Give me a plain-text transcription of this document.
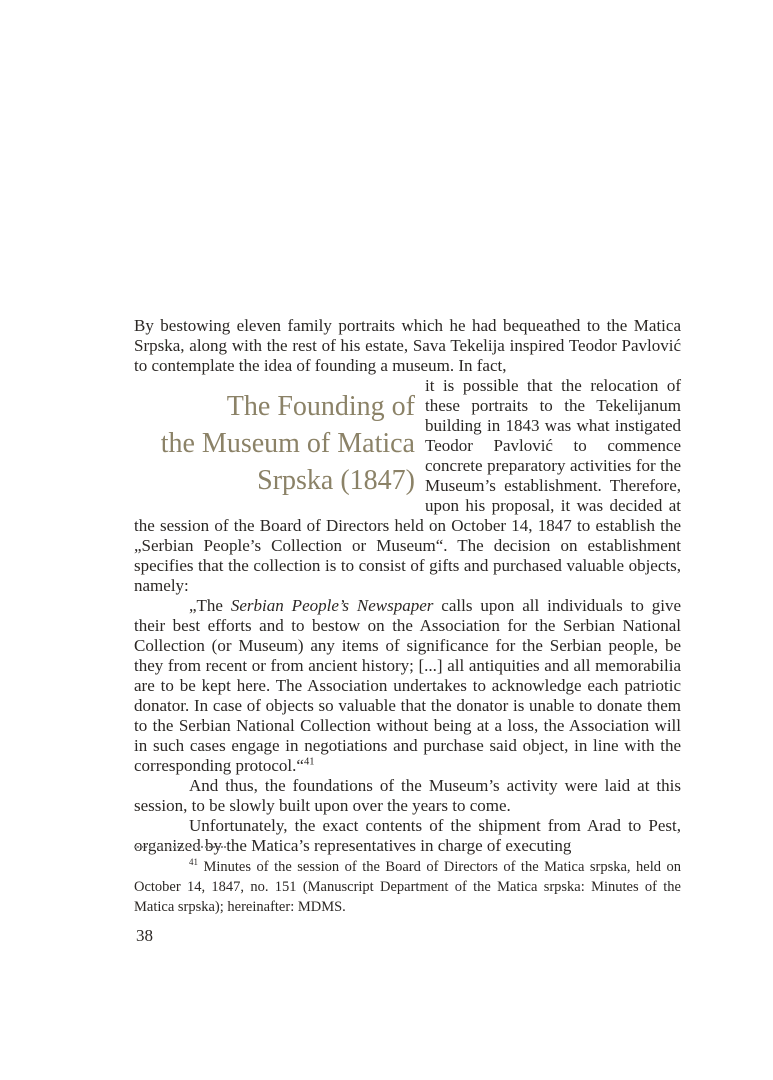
By bestowing eleven family portraits which he had bequeathed to the Matica Srpska, along with the rest of his estate, Sava Tekelija inspired Teodor Pavlović to contemplate the idea of founding a museum. In fact,

The Founding of
the Museum of Matica
Srpska (1847)

it is possible that the relocation of these portraits to the Tekelijanum building in 1843 was what instigated Teodor Pavlović to commence concrete preparatory activities for the Museum’s establishment. Therefore, upon his proposal, it was decided at the session of the Board of Directors held on October 14, 1847 to establish the „Serbian People’s Collection or Museum“. The decision on establishment specifies that the collection is to consist of gifts and purchased valuable objects, namely:

„The Serbian People’s Newspaper calls upon all individuals to give their best efforts and to bestow on the Association for the Serbian National Collection (or Museum) any items of significance for the Serbian people, be they from recent or from ancient history; [...] all antiquities and all memorabilia are to be kept here. The Association undertakes to acknowledge each patriotic donator. In case of objects so valuable that the donator is unable to donate them to the Serbian National Collection without being at a loss, the Association will in such cases engage in negotiations and purchase said object, in line with the corresponding protocol.“$^{41}$

And thus, the foundations of the Museum’s activity were laid at this session, to be slowly built upon over the years to come.

Unfortunately, the exact contents of the shipment from Arad to Pest, organized by the Matica’s representatives in charge of executing

$^{41}$ Minutes of the session of the Board of Directors of the Matica srpska, held on October 14, 1847, no. 151 (Manuscript Department of the Matica srpska: Minutes of the Matica srpska); hereinafter: MDMS.

38
